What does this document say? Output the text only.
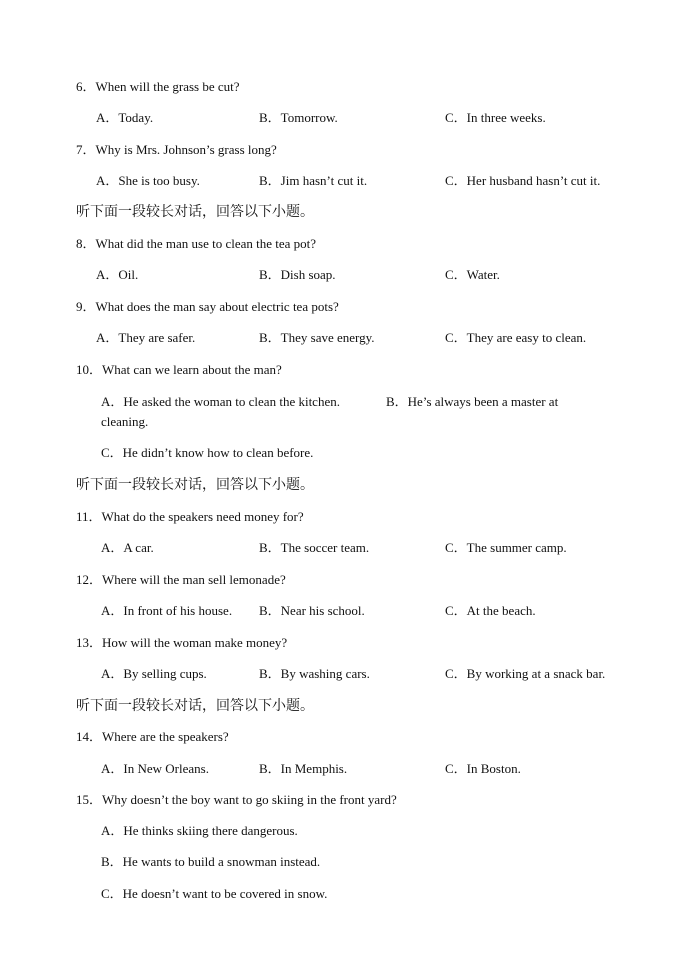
6．When will the grass be cut?
A．Today.	B．Tomorrow.	C．In three weeks.
7．Why is Mrs. Johnson’s grass long?
A．She is too busy.	B．Jim hasn’t cut it.	C．Her husband hasn’t cut it.
听下面一段较长对话，回答以下小题。
8．What did the man use to clean the tea pot?
A．Oil.	B．Dish soap.	C．Water.
9．What does the man say about electric tea pots?
A．They are safer.	B．They save energy.	C．They are easy to clean.
10．What can we learn about the man?
A．He asked the woman to clean the kitchen.	B．He’s always been a master at
cleaning.
C．He didn’t know how to clean before.
听下面一段较长对话，回答以下小题。
11．What do the speakers need money for?
A．A car.	B．The soccer team.	C．The summer camp.
12．Where will the man sell lemonade?
A．In front of his house. B．Near his school.	C．At the beach.
13．How will the woman make money?
A．By selling cups.	B．By washing cars.	C．By working at a snack bar.
听下面一段较长对话，回答以下小题。
14．Where are the speakers?
A．In New Orleans.	B．In Memphis.	C．In Boston.
15．Why doesn’t the boy want to go skiing in the front yard?
A．He thinks skiing there dangerous.
B．He wants to build a snowman instead.
C．He doesn’t want to be covered in snow.
